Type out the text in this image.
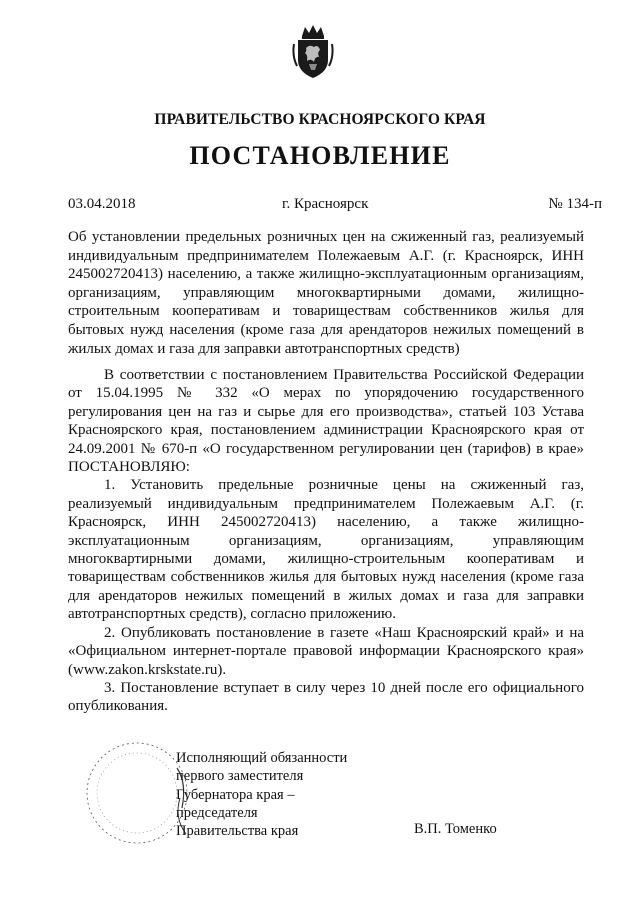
ПРАВИТЕЛЬСТВО КРАСНОЯРСКОГО КРАЯ
ПОСТАНОВЛЕНИЕ
03.04.2018	г. Красноярск	№ 134-п
Об установлении предельных розничных цен на сжиженный газ, реализуемый индивидуальным предпринимателем Полежаевым А.Г. (г. Красноярск, ИНН 245002720413) населению, а также жилищно-эксплуатационным организациям, организациям, управляющим многоквартирными домами, жилищно-строительным кооперативам и товариществам собственников жилья для бытовых нужд населения (кроме газа для арендаторов нежилых помещений в жилых домах и газа для заправки автотранспортных средств)

В соответствии с постановлением Правительства Российской Федерации от 15.04.1995 № 332 «О мерах по упорядочению государственного регулирования цен на газ и сырье для его производства», статьей 103 Устава Красноярского края, постановлением администрации Красноярского края от 24.09.2001 № 670-п «О государственном регулировании цен (тарифов) в крае» ПОСТАНОВЛЯЮ:

1. Установить предельные розничные цены на сжиженный газ, реализуемый индивидуальным предпринимателем Полежаевым А.Г. (г. Красноярск, ИНН 245002720413) населению, а также жилищно-эксплуатационным организациям, организациям, управляющим многоквартирными домами, жилищно-строительным кооперативам и товариществам собственников жилья для бытовых нужд населения (кроме газа для арендаторов нежилых помещений в жилых домах и газа для заправки автотранспортных средств), согласно приложению.

2. Опубликовать постановление в газете «Наш Красноярский край» и на «Официальном интернет-портале правовой информации Красноярского края» (www.zakon.krskstate.ru).

3. Постановление вступает в силу через 10 дней после его официального опубликования.

Исполняющий обязанности
первого заместителя
Губернатора края –
председателя
Правительства края	В.П. Томенко
